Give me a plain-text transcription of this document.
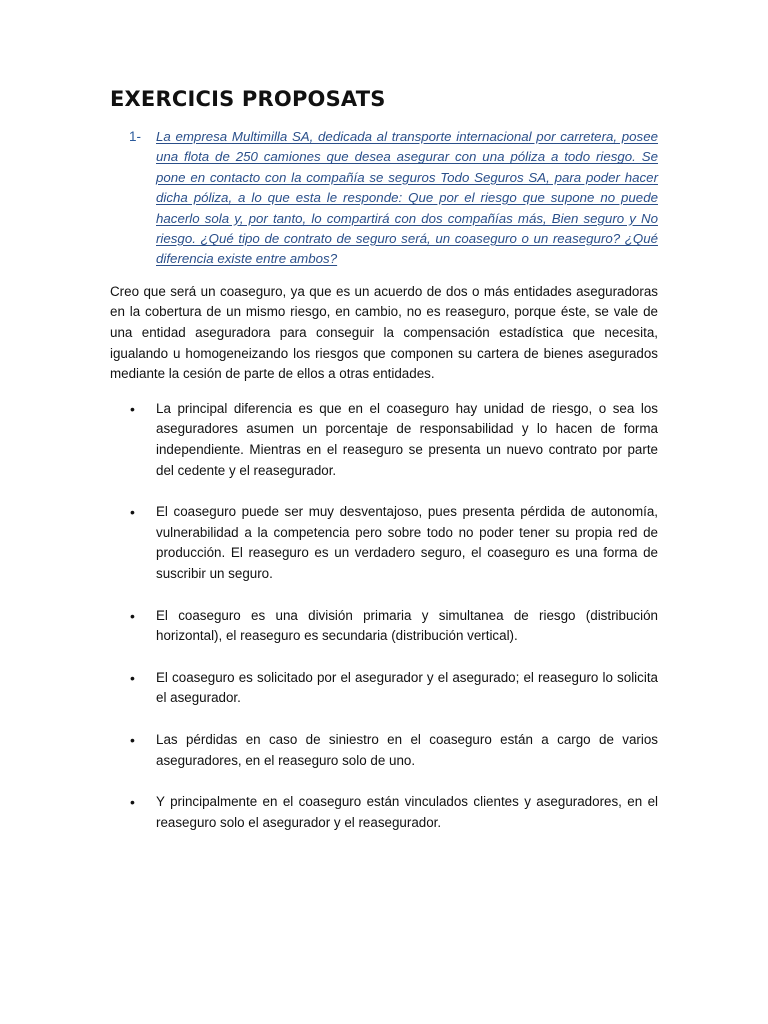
EXERCICIS PROPOSATS
1-	La empresa Multimilla SA, dedicada al transporte internacional por carretera, posee una flota de 250 camiones que desea asegurar con una póliza a todo riesgo. Se pone en contacto con la compañía se seguros Todo Seguros SA, para poder hacer dicha póliza, a lo que esta le responde: Que por el riesgo que supone no puede hacerlo sola y, por tanto, lo compartirá con dos compañías más, Bien seguro y No riesgo. ¿Qué tipo de contrato de seguro será, un coaseguro o un reaseguro? ¿Qué diferencia existe entre ambos?

Creo que será un coaseguro, ya que es un acuerdo de dos o más entidades aseguradoras en la cobertura de un mismo riesgo, en cambio, no es reaseguro, porque éste, se vale de una entidad aseguradora para conseguir la compensación estadística que necesita, igualando u homogeneizando los riesgos que componen su cartera de bienes asegurados mediante la cesión de parte de ellos a otras entidades.

•	La principal diferencia es que en el coaseguro hay unidad de riesgo, o sea los aseguradores asumen un porcentaje de responsabilidad y lo hacen de forma independiente. Mientras en el reaseguro se presenta un nuevo contrato por parte del cedente y el reasegurador.
•	El coaseguro puede ser muy desventajoso, pues presenta pérdida de autonomía, vulnerabilidad a la competencia pero sobre todo no poder tener su propia red de producción. El reaseguro es un verdadero seguro, el coaseguro es una forma de suscribir un seguro.
•	El coaseguro es una división primaria y simultanea de riesgo (distribución horizontal), el reaseguro es secundaria (distribución vertical).
•	El coaseguro es solicitado por el asegurador y el asegurado; el reaseguro lo solicita el asegurador.
•	Las pérdidas en caso de siniestro en el coaseguro están a cargo de varios aseguradores, en el reaseguro solo de uno.
•	Y principalmente en el coaseguro están vinculados clientes y aseguradores, en el reaseguro solo el asegurador y el reasegurador.
